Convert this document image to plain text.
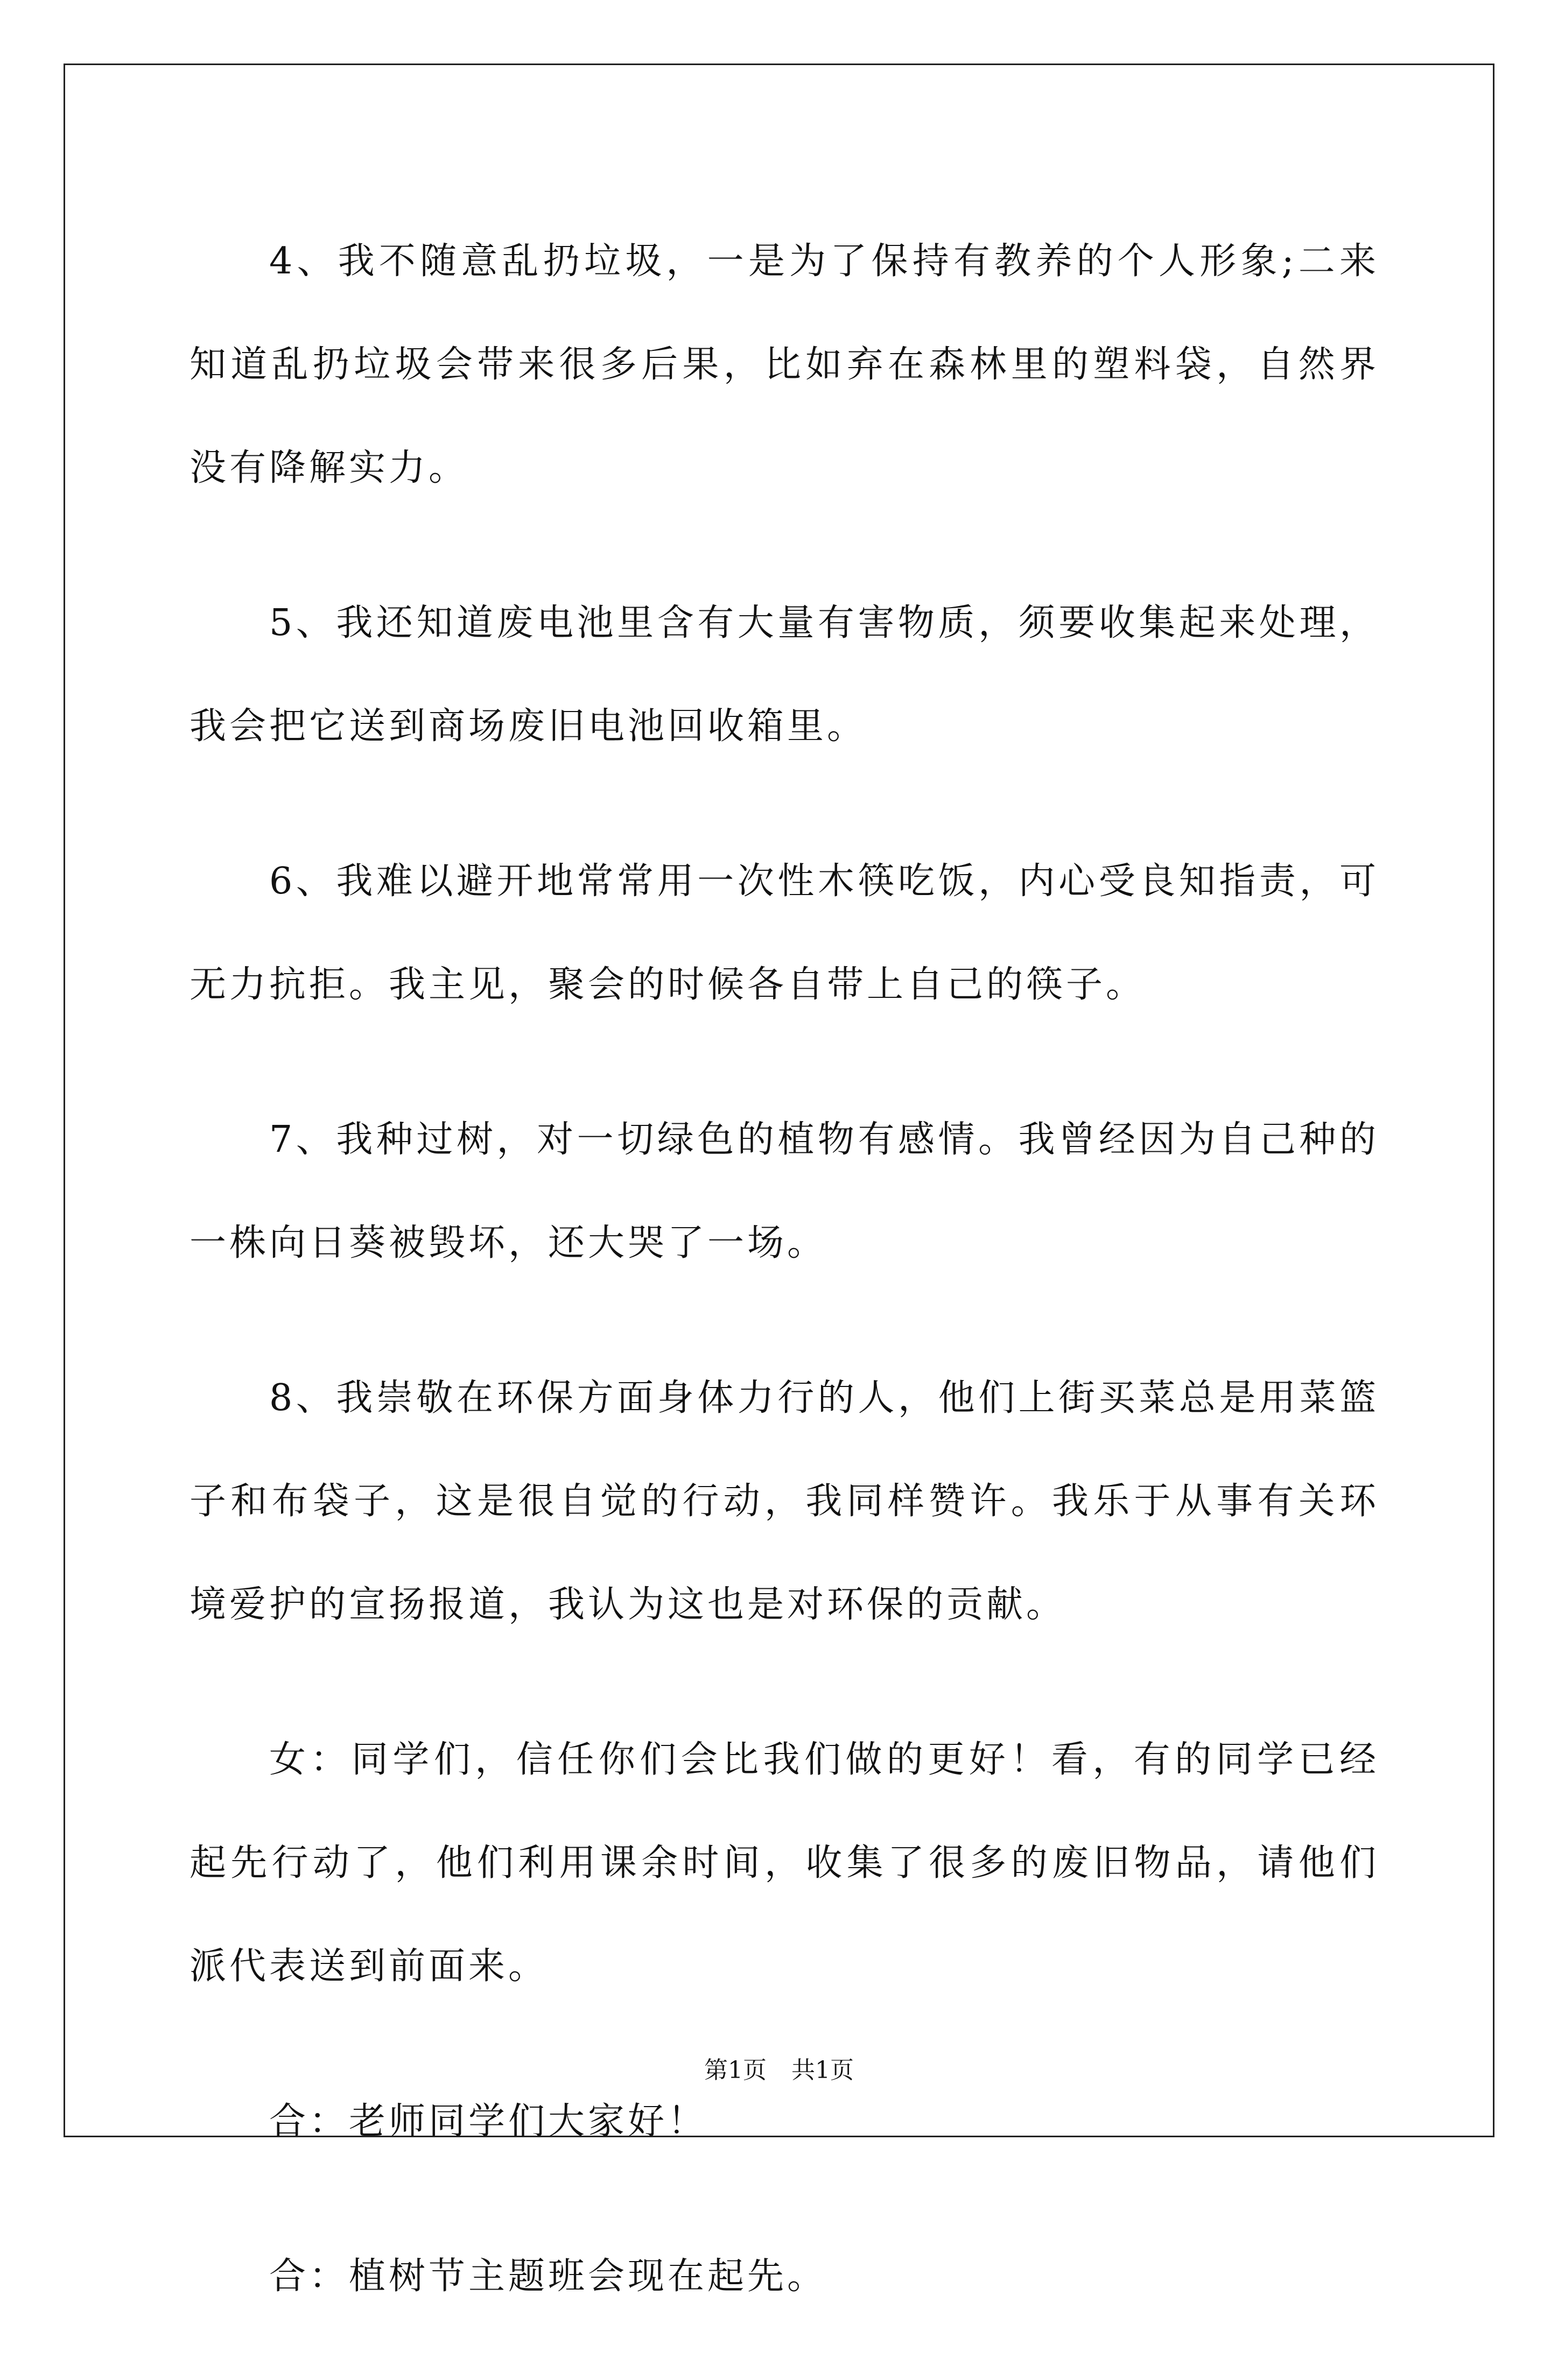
4、我不随意乱扔垃圾，一是为了保持有教养的个人形象;二来知道乱扔垃圾会带来很多后果，比如弃在森林里的塑料袋，自然界没有降解实力。

5、我还知道废电池里含有大量有害物质，须要收集起来处理，我会把它送到商场废旧电池回收箱里。

6、我难以避开地常常用一次性木筷吃饭，内心受良知指责，可无力抗拒。我主见，聚会的时候各自带上自己的筷子。

7、我种过树，对一切绿色的植物有感情。我曾经因为自己种的一株向日葵被毁坏，还大哭了一场。

8、我崇敬在环保方面身体力行的人，他们上街买菜总是用菜篮子和布袋子，这是很自觉的行动，我同样赞许。我乐于从事有关环境爱护的宣扬报道，我认为这也是对环保的贡献。

女：同学们，信任你们会比我们做的更好！看，有的同学已经起先行动了，他们利用课余时间，收集了很多的废旧物品，请他们派代表送到前面来。

合：老师同学们大家好！

合：植树节主题班会现在起先。

第1页 共1页
